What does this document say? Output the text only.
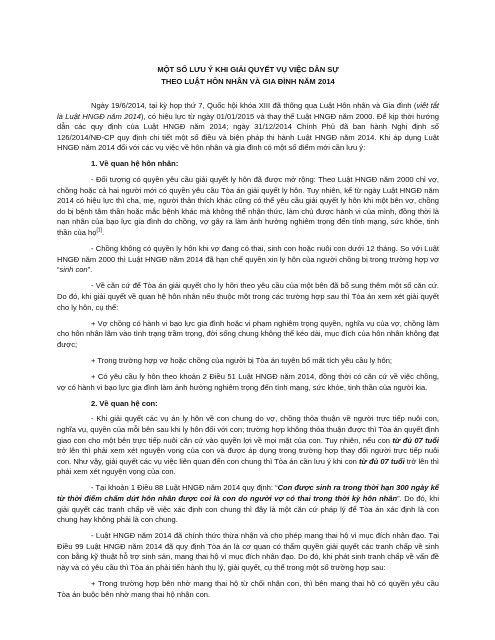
MỘT SỐ LƯU Ý KHI GIẢI QUYẾT VỤ VIỆC DÂN SỰ
THEO LUẬT HÔN NHÂN VÀ GIA ĐÌNH NĂM 2014

Ngày 19/6/2014, tại kỳ họp thứ 7, Quốc hội khóa XIII đã thông qua Luật Hôn nhân và Gia đình (viết tắt là Luật HNGĐ năm 2014), có hiệu lực từ ngày 01/01/2015 và thay thế Luật HNGĐ năm 2000. Để kịp thời hướng dẫn các quy định của Luật HNGĐ năm 2014; ngày 31/12/2014 Chính Phủ đã ban hành Nghị định số 126/2014/NĐ-CP quy định chi tiết một số điều và biện pháp thi hành Luật HNGĐ năm 2014. Khi áp dụng Luật HNGĐ năm 2014 đối với các vụ việc về hôn nhân và gia đình có một số điểm mới cần lưu ý:

1. Về quan hệ hôn nhân:

- Đối tượng có quyền yêu cầu giải quyết ly hôn đã được mở rộng: Theo Luật HNGĐ năm 2000 chỉ vợ, chồng hoặc cả hai người mới có quyền yêu cầu Tòa án giải quyết ly hôn. Tuy nhiên, kể từ ngày Luật HNGĐ năm 2014 có hiệu lực thì cha, mẹ, người thân thích khác cũng có thể yêu cầu giải quyết ly hôn khi một bên vợ, chồng do bị bệnh tâm thần hoặc mắc bệnh khác mà không thể nhận thức, làm chủ được hành vi của mình, đồng thời là nạn nhân của bạo lực gia đình do chồng, vợ gây ra làm ảnh hưởng nghiêm trọng đến tính mạng, sức khỏe, tinh thần của họ[1].

- Chồng không có quyền ly hôn khi vợ đang có thai, sinh con hoặc nuôi con dưới 12 tháng. So với Luật HNGĐ năm 2000 thì Luật HNGĐ năm 2014 đã hạn chế quyền xin ly hôn của người chồng bị trong trường hợp vợ “sinh con”.

- Về căn cứ để Tòa án giải quyết cho ly hôn theo yêu cầu của một bên đã bổ sung thêm một số căn cứ. Do đó, khi giải quyết về quan hệ hôn nhân nếu thuộc một trong các trường hợp sau thì Tòa án xem xét giải quyết cho ly hôn, cụ thể:

+ Vợ chồng có hành vi bạo lực gia đình hoặc vi phạm nghiêm trọng quyền, nghĩa vụ của vợ, chồng làm cho hôn nhân lâm vào tình trạng trầm trọng, đời sống chung không thể kéo dài, mục đích của hôn nhân không đạt được;

+ Trong trường hợp vợ hoặc chồng của người bị Tòa án tuyên bố mất tích yêu cầu ly hôn;

+ Có yêu cầu ly hôn theo khoản 2 Điều 51 Luật HNGĐ năm 2014, đồng thời có căn cứ về việc chồng, vợ có hành vi bạo lực gia đình làm ảnh hưởng nghiêm trọng đến tính mạng, sức khỏe, tinh thần của người kia.

2. Về quan hệ con:

- Khi giải quyết các vụ án ly hôn về con chung do vợ, chồng thỏa thuận về người trực tiếp nuôi con, nghĩa vụ, quyền của mỗi bên sau khi ly hôn đối với con; trường hợp không thỏa thuận được thì Tòa án quyết định giao con cho một bên trực tiếp nuôi căn cứ vào quyền lợi về mọi mặt của con. Tuy nhiên, nếu con từ đủ 07 tuổi trở lên thì phải xem xét nguyện vọng của con và được áp dụng trong trường hợp thay đổi người trực tiếp nuôi con. Như vậy, giải quyết các vụ việc liên quan đến con chung thì Tòa án cần lưu ý khi con từ đủ 07 tuổi trở lên thì phải xem xét nguyện vọng của con.

- Tại khoản 1 Điều 88 Luật HNGĐ năm 2014 quy định: “Con được sinh ra trong thời hạn 300 ngày kể từ thời điểm chấm dứt hôn nhân được coi là con do người vợ có thai trong thời kỳ hôn nhân”. Do đó, khi giải quyết các tranh chấp về việc xác định con chung thì đây là một căn cứ pháp lý để Tòa án xác định là con chung hay không phải là con chung.

- Luật HNGĐ năm 2014 đã chính thức thừa nhận và cho phép mang thai hộ vì mục đích nhân đạo. Tại Điều 99 Luật HNGĐ năm 2014 đã quy định Tòa án là cơ quan có thẩm quyền giải quyết các tranh chấp về sinh con bằng kỹ thuật hỗ trợ sinh sản, mang thai hộ vì mục đích nhân đạo. Do đó, khi phát sinh tranh chấp về vấn đề này và có yêu cầu thì Tòa án phải tiến hành thụ lý, giải quyết, cụ thể trong một số trường hợp sau:

+ Trong trường hợp bên nhờ mang thai hộ từ chối nhận con, thì bên mang thai hộ có quyền yêu cầu Tòa án buộc bên nhờ mang thai hộ nhận con.
